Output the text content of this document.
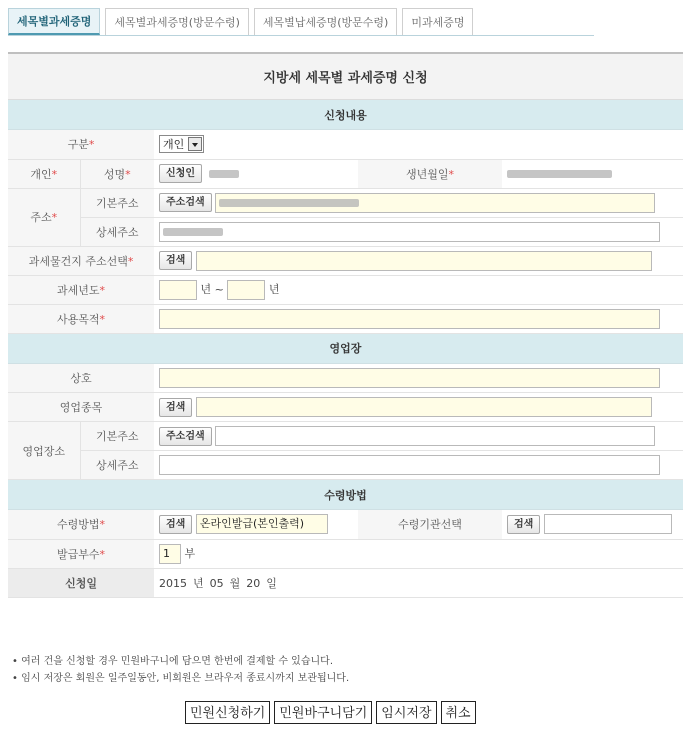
세목별과세증명	세목별과세증명(방문수령)	세목별납세증명(방문수령)	미과세증명
지방세 세목별 과세증명 신청
신청내용
구분*		개인		

개인*	성명*	신청인	생년월일*	
주소*	기본주소	주소검색		
	상세주소			
과세물건지 주소선택*		검색		
과세년도*		년 ~ 년		
사용목적*				
영업장
상호		
영업종목		검색
영업장소	기본주소	주소검색
	상세주소	
수령방법
수령방법*	검색 온라인발급(본인출력)	수령기관선택	검색
발급부수*	1 부		
신청일	2015 년 05 월 20 일		
• 여러 건을 신청할 경우 민원바구니에 담으면 한번에 결제할 수 있습니다.
• 임시 저장은 회원은 일주일동안, 비회원은 브라우저 종료시까지 보관됩니다.
민원신청하기	민원바구니담기	임시저장	취소
